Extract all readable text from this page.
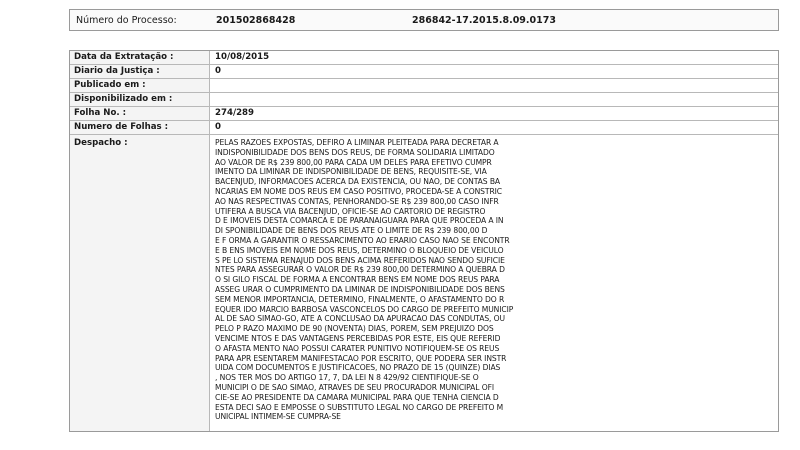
Número do Processo:	201502868428	286842-17.2015.8.09.0173
Data da Extratação :	10/08/2015
Diario da Justiça :	0
Publicado em :
Disponibilizado em :
Folha No. :	274/289
Numero de Folhas :	0
Despacho :	PELAS RAZOES EXPOSTAS, DEFIRO A LIMINAR PLEITEADA PARA DECRETAR A
INDISPONIBILIDADE DOS BENS DOS REUS, DE FORMA SOLIDARIA LIMITADO
AO VALOR DE R$ 239 800,00 PARA CADA UM DELES PARA EFETIVO CUMPR
IMENTO DA LIMINAR DE INDISPONIBILIDADE DE BENS, REQUISITE-SE, VIA
BACENJUD, INFORMACOES ACERCA DA EXISTENCIA, OU NAO, DE CONTAS BA
NCARIAS EM NOME DOS REUS EM CASO POSITIVO, PROCEDA-SE A CONSTRIC
AO NAS RESPECTIVAS CONTAS, PENHORANDO-SE R$ 239 800,00 CASO INFR
UTIFERA A BUSCA VIA BACENJUD, OFICIE-SE AO CARTORIO DE REGISTRO
D E IMOVEIS DESTA COMARCA E DE PARANAIGUARA PARA QUE PROCEDA A IN
DI SPONIBILIDADE DE BENS DOS REUS ATE O LIMITE DE R$ 239 800,00 D
E F ORMA A GARANTIR O RESSARCIMENTO AO ERARIO CASO NAO SE ENCONTR
E B ENS IMOVEIS EM NOME DOS REUS, DETERMINO O BLOQUEIO DE VEICULO
S PE LO SISTEMA RENAJUD DOS BENS ACIMA REFERIDOS NAO SENDO SUFICIE
NTES PARA ASSEGURAR O VALOR DE R$ 239 800,00 DETERMINO A QUEBRA D
O SI GILO FISCAL DE FORMA A ENCONTRAR BENS EM NOME DOS REUS PARA
ASSEG URAR O CUMPRIMENTO DA LIMINAR DE INDISPONIBILIDADE DOS BENS
SEM MENOR IMPORTANCIA, DETERMINO, FINALMENTE, O AFASTAMENTO DO R
EQUER IDO MARCIO BARBOSA VASCONCELOS DO CARGO DE PREFEITO MUNICIP
AL DE SAO SIMAO-GO, ATE A CONCLUSAO DA APURACAO DAS CONDUTAS, OU
PELO P RAZO MAXIMO DE 90 (NOVENTA) DIAS, POREM, SEM PREJUIZO DOS
VENCIME NTOS E DAS VANTAGENS PERCEBIDAS POR ESTE, EIS QUE REFERID
O AFASTA MENTO NAO POSSUI CARATER PUNITIVO NOTIFIQUEM-SE OS REUS
PARA APR ESENTAREM MANIFESTACAO POR ESCRITO, QUE PODERA SER INSTR
UIDA COM DOCUMENTOS E JUSTIFICACOES, NO PRAZO DE 15 (QUINZE) DIAS
, NOS TER MOS DO ARTIGO 17, 7, DA LEI N 8 429/92 CIENTIFIQUE-SE O
MUNICIPI O DE SAO SIMAO, ATRAVES DE SEU PROCURADOR MUNICIPAL OFI
CIE-SE AO PRESIDENTE DA CAMARA MUNICIPAL PARA QUE TENHA CIENCIA D
ESTA DECI SAO E EMPOSSE O SUBSTITUTO LEGAL NO CARGO DE PREFEITO M
UNICIPAL INTIMEM-SE CUMPRA-SE
